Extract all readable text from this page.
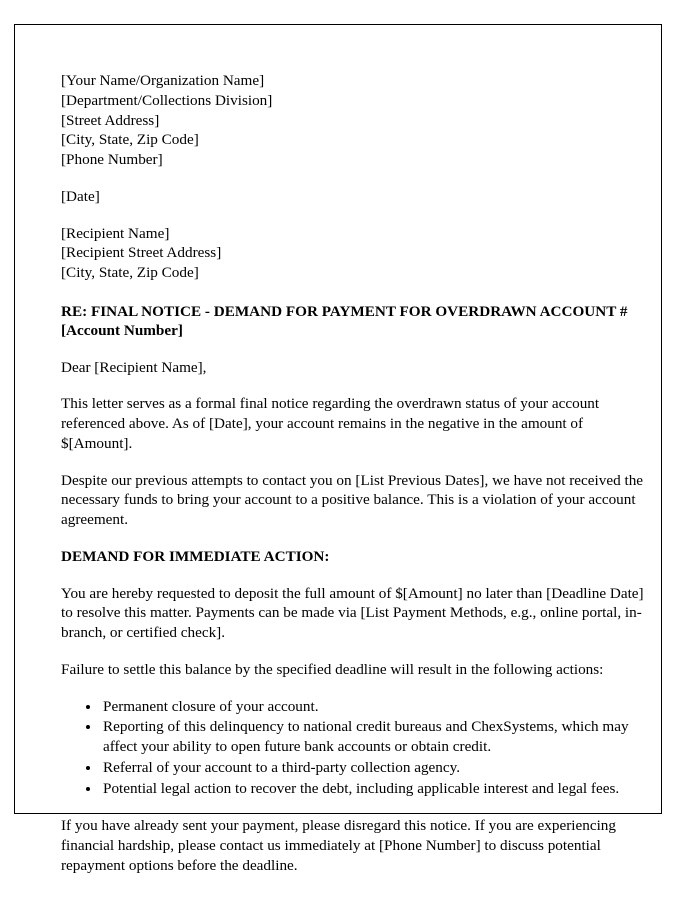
[Your Name/Organization Name]
[Department/Collections Division]
[Street Address]
[City, State, Zip Code]
[Phone Number]
[Date]
[Recipient Name]
[Recipient Street Address]
[City, State, Zip Code]

RE: FINAL NOTICE - DEMAND FOR PAYMENT FOR OVERDRAWN ACCOUNT #[Account Number]

Dear [Recipient Name],

This letter serves as a formal final notice regarding the overdrawn status of your account referenced above. As of [Date], your account remains in the negative in the amount of $[Amount].

Despite our previous attempts to contact you on [List Previous Dates], we have not received the necessary funds to bring your account to a positive balance. This is a violation of your account agreement.

DEMAND FOR IMMEDIATE ACTION:

You are hereby requested to deposit the full amount of $[Amount] no later than [Deadline Date] to resolve this matter. Payments can be made via [List Payment Methods, e.g., online portal, in-branch, or certified check].

Failure to settle this balance by the specified deadline will result in the following actions:

• Permanent closure of your account.
• Reporting of this delinquency to national credit bureaus and ChexSystems, which may affect your ability to open future bank accounts or obtain credit.
• Referral of your account to a third-party collection agency.
• Potential legal action to recover the debt, including applicable interest and legal fees.

If you have already sent your payment, please disregard this notice. If you are experiencing financial hardship, please contact us immediately at [Phone Number] to discuss potential repayment options before the deadline.
